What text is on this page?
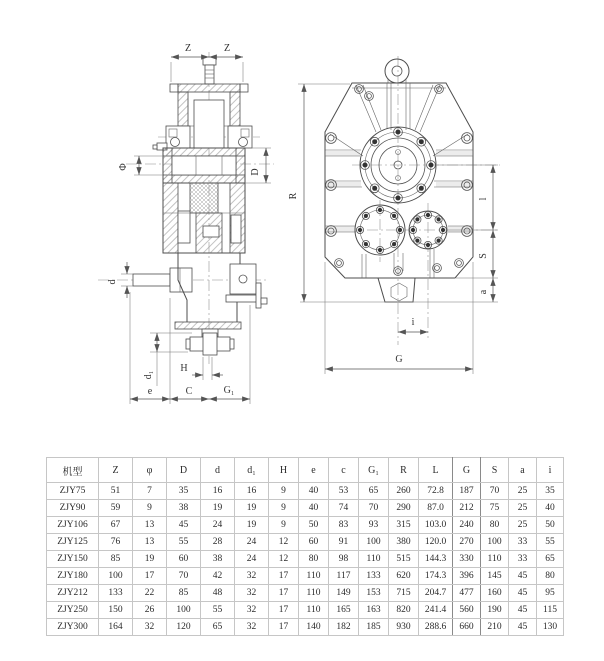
Z	Z
Φ
D
d
d₁
H
e	C	G₁
R	l
S
a
i
G
机型	Z	φ	D	d	d₁	H	e	c	G₁	R	L	G	S	a	i
ZJY75	51	7	35	16	16	9	40	53	65	260	72.8	187	70	25	35
ZJY90	59	9	38	19	19	9	40	74	70	290	87.0	212	75	25	40
ZJY106	67	13	45	24	19	9	50	83	93	315	103.0	240	80	25	50
ZJY125	76	13	55	28	24	12	60	91	100	380	120.0	270	100	33	55
ZJY150	85	19	60	38	24	12	80	98	110	515	144.3	330	110	33	65
ZJY180	100	17	70	42	32	17	110	117	133	620	174.3	396	145	45	80
ZJY212	133	22	85	48	32	17	110	149	153	715	204.7	477	160	45	95
ZJY250	150	26	100	55	32	17	110	165	163	820	241.4	560	190	45	115
ZJY300	164	32	120	65	32	17	140	182	185	930	288.6	660	210	45	130
